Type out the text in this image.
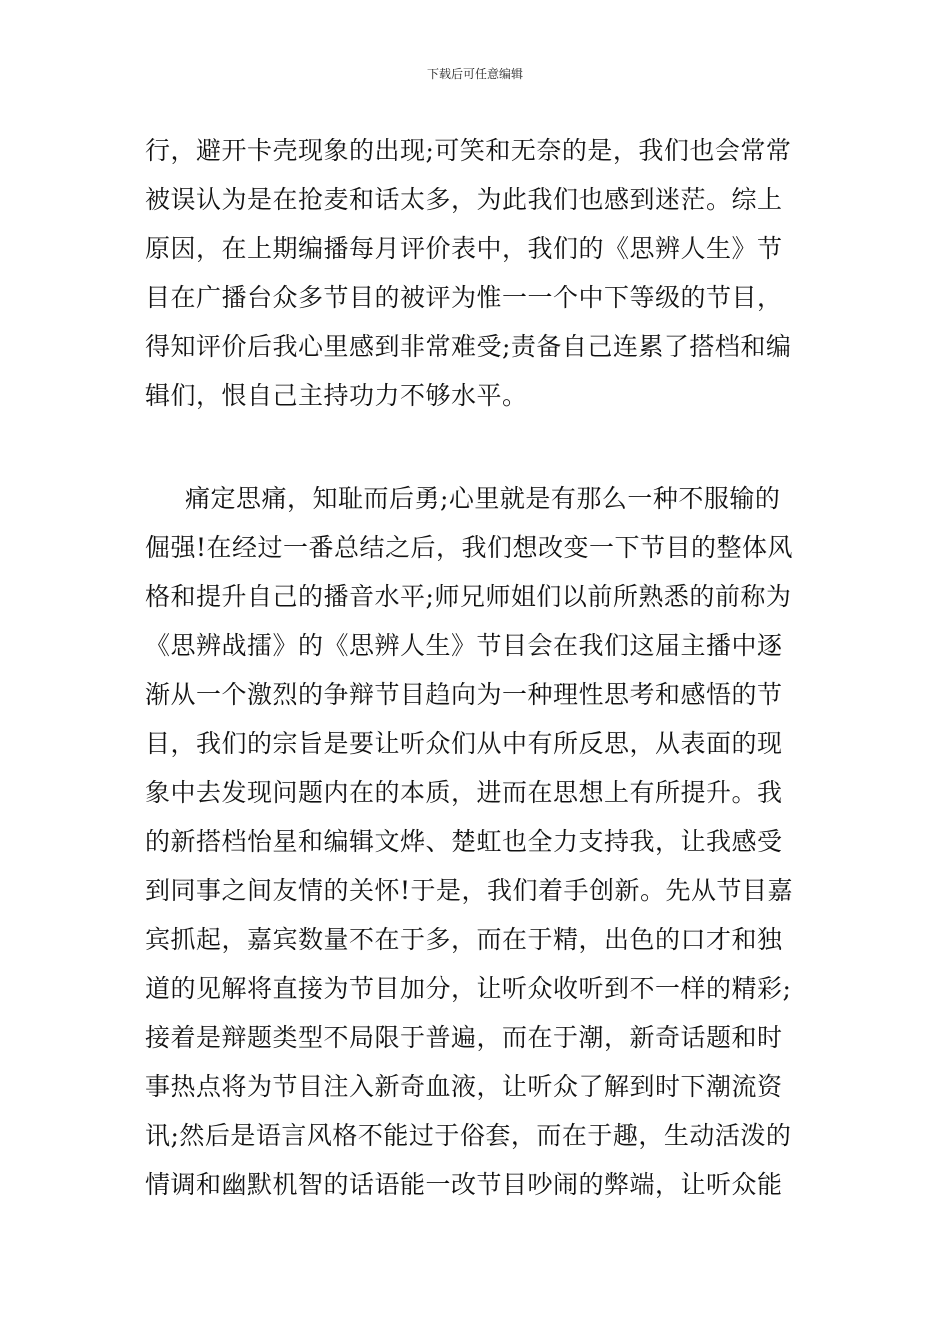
下载后可任意编辑
行，避开卡壳现象的出现;可笑和无奈的是，我们也会常常
被误认为是在抢麦和话太多，为此我们也感到迷茫。综上
原因，在上期编播每月评价表中，我们的《思辨人生》节
目在广播台众多节目的被评为惟一一个中下等级的节目，
得知评价后我心里感到非常难受;责备自己连累了搭档和编
辑们，恨自己主持功力不够水平。
痛定思痛，知耻而后勇;心里就是有那么一种不服输的
倔强!在经过一番总结之后，我们想改变一下节目的整体风
格和提升自己的播音水平;师兄师姐们以前所熟悉的前称为
《思辨战擂》的《思辨人生》节目会在我们这届主播中逐
渐从一个激烈的争辩节目趋向为一种理性思考和感悟的节
目，我们的宗旨是要让听众们从中有所反思，从表面的现
象中去发现问题内在的本质，进而在思想上有所提升。我
的新搭档怡星和编辑文烨、楚虹也全力支持我，让我感受
到同事之间友情的关怀!于是，我们着手创新。先从节目嘉
宾抓起，嘉宾数量不在于多，而在于精，出色的口才和独
道的见解将直接为节目加分，让听众收听到不一样的精彩;
接着是辩题类型不局限于普遍，而在于潮，新奇话题和时
事热点将为节目注入新奇血液，让听众了解到时下潮流资
讯;然后是语言风格不能过于俗套，而在于趣，生动活泼的
情调和幽默机智的话语能一改节目吵闹的弊端，让听众能
